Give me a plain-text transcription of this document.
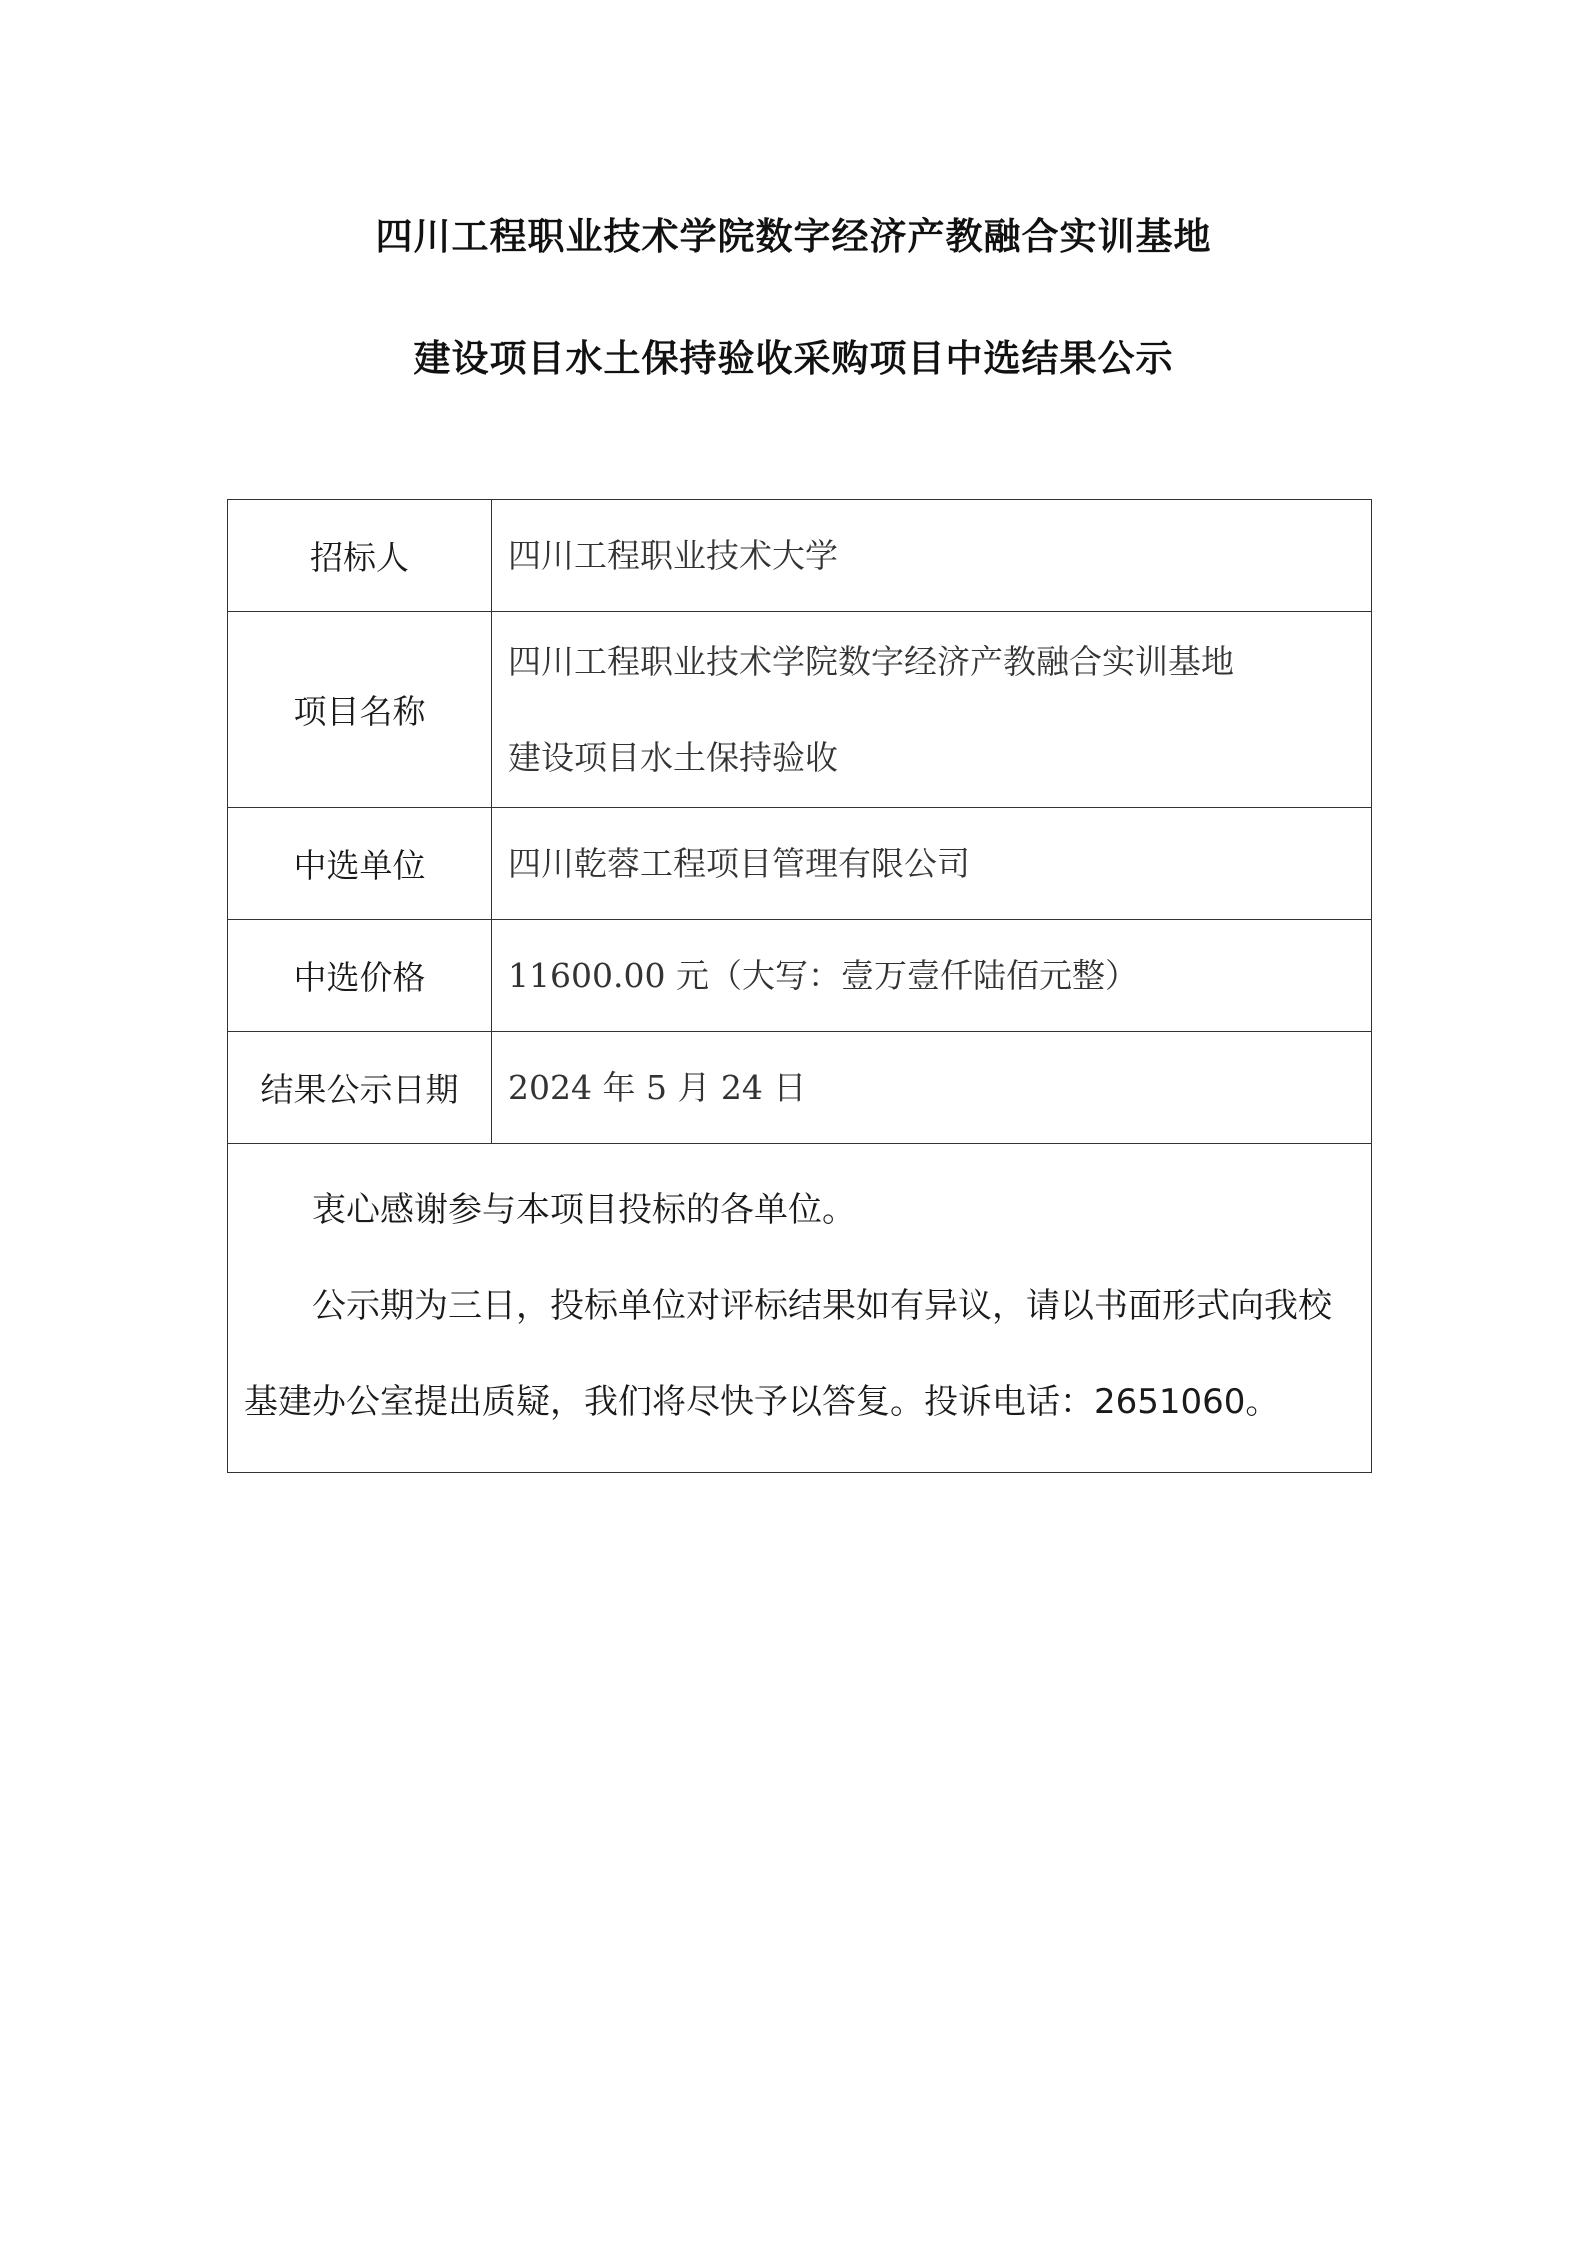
四川工程职业技术学院数字经济产教融合实训基地

建设项目水土保持验收采购项目中选结果公示

招标人	四川工程职业技术大学
项目名称	四川工程职业技术学院数字经济产教融合实训基地
建设项目水土保持验收

中选单位	四川乾蓉工程项目管理有限公司
中选价格	11600.00 元（大写：壹万壹仟陆佰元整）
结果公示日期	2024 年 5 月 24 日

衷心感谢参与本项目投标的各单位。

公示期为三日，投标单位对评标结果如有异议，请以书面形式向我校基建办公室提出质疑，我们将尽快予以答复。投诉电话：2651060。	
